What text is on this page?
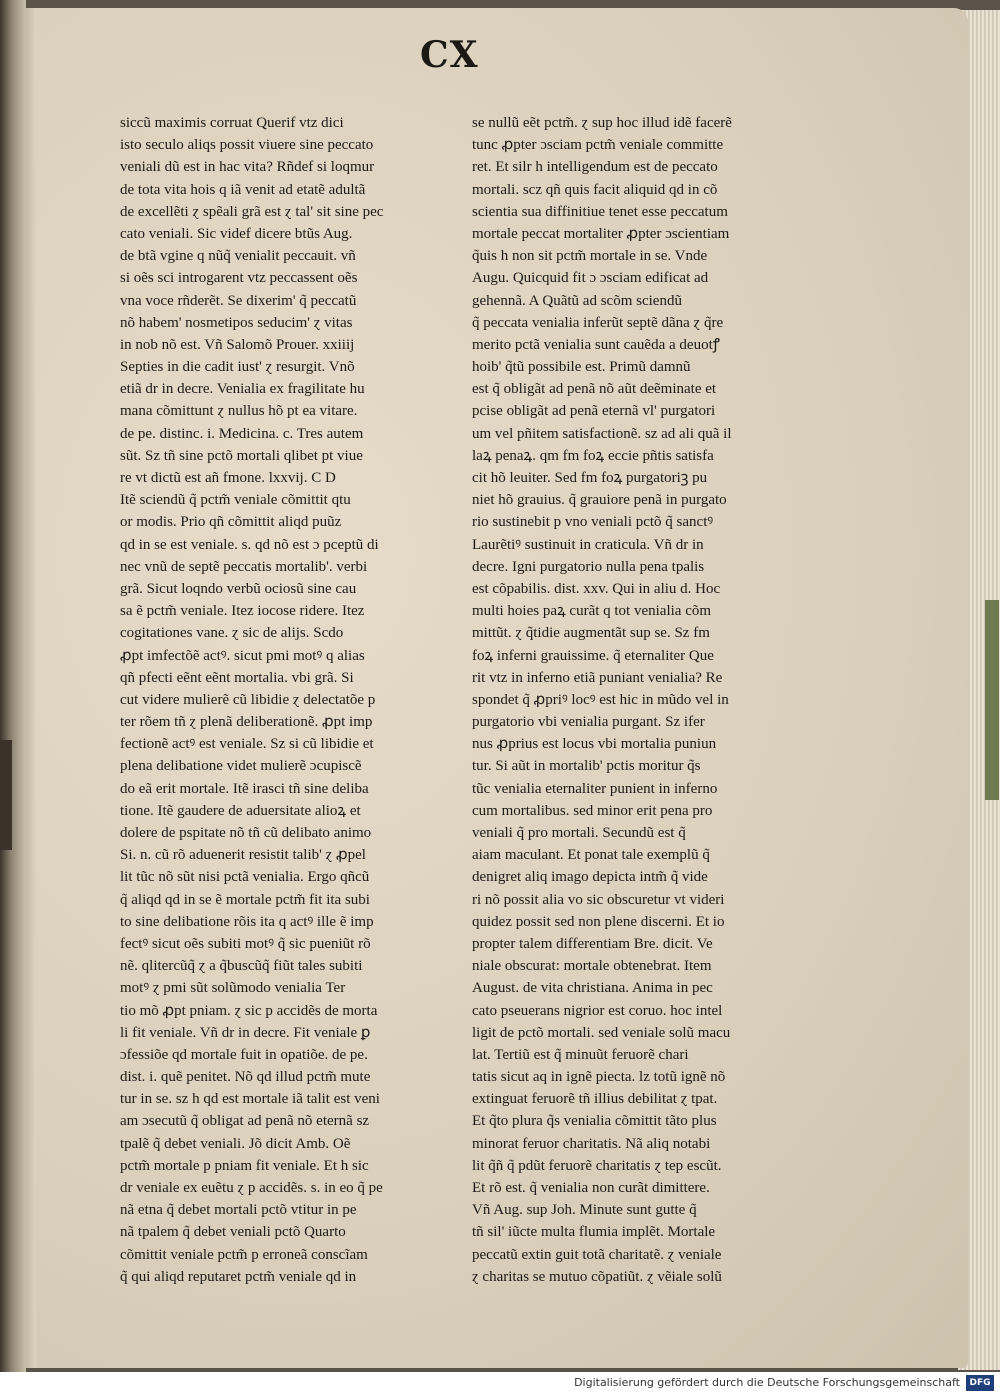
CX
siccũ maximis corruat Querif vtz dici
isto seculo aliqs possit viuere sine peccato
veniali dũ est in hac vita? Rñdef si loqmur
de tota vita hois q iã venit ad etatẽ adultã
de excellẽti ɀ spẽali grã est ɀ tal' sit sine pec
cato veniali. Sic videf dicere btũs Aug.
de btã vgine q nũq̃ venialit peccauit. vñ
si oẽs sci introgarent vtz peccassent oẽs
vna voce rñderẽt. Se dixerim' q̃ peccatũ
nõ habem' nosmetipos seducim' ɀ vitas
in nob nõ est. Vñ Salomõ Prouer. xxiiij
Septies in die cadit iust' ɀ resurgit. Vnõ
etiã dr in decre. Venialia ex fragilitate hu
mana cõmittunt ɀ nullus hõ pt ea vitare.
de pe. distinc. i. Medicina. c. Tres autem
sũt. Sz tñ sine pctõ mortali qlibet pt viue
re vt dictũ est añ fmone. lxxvij. C D
Itẽ sciendũ q̃ pctm̃ veniale cõmittit qtu
or modis. Prio qñ cõmittit aliqd puũz
qd in se est veniale. s. qd nõ est ɔ pceptũ di
nec vnũ de septẽ peccatis mortalib'. verbi
grã. Sicut loqndo verbũ ociosũ sine cau
sa ẽ pctm̃ veniale. Itez iocose ridere. Itez
cogitationes vane. ɀ sic de alijs. Scdo
ꝓpt imfectõẽ actꝰ. sicut pmi motꝰ q alias
qñ pfecti eẽnt eẽnt mortalia. vbi grã. Si
cut videre mulierẽ cũ libidie ɀ delectatõe p
ter rõem tñ ɀ plenã deliberationẽ. ꝓpt imp
fectionẽ actꝰ est veniale. Sz si cũ libidie et
plena delibatione videt mulierẽ ɔcupiscẽ
do eã erit mortale. Itẽ irasci tñ sine deliba
tione. Itẽ gaudere de aduersitate alioꝝ et
dolere de pspitate nõ tñ cũ delibato animo
Si. n. cũ rõ aduenerit resistit talib' ɀ ꝓpel
lit tũc nõ sũt nisi pctã venialia. Ergo qñcũ
q̃ aliqd qd in se ẽ mortale pctm̃ fit ita subi
to sine delibatione rõis ita q actꝰ ille ẽ imp
fectꝰ sicut oẽs subiti motꝰ q̃ sic pueniũt rõ
nẽ. qlitercũq̃ ɀ a q̃buscũq̃ fiũt tales subiti
motꝰ ɀ pmi sũt solũmodo venialia Ter
tio mõ ꝓpt pniam. ɀ sic p accidẽs de morta
li fit veniale. Vñ dr in decre. Fit veniale ꝑ
ɔfessiõe qd mortale fuit in opatiõe. de pe.
dist. i. quẽ penitet. Nõ qd illud pctm̃ mute
tur in se. sz h qd est mortale iã talit est veni
am ɔsecutũ q̃ obligat ad penã nõ eternã sz
tpalẽ q̃ debet veniali. Jõ dicit Amb. Oẽ
pctm̃ mortale p pniam fit veniale. Et h sic
dr veniale ex euẽtu ɀ p accidẽs. s. in eo q̃ pe
nã etna q̃ debet mortali pctõ vtitur in pe
nã tpalem q̃ debet veniali pctõ Quarto
cõmittit veniale pctm̃ p erroneã conscĩam
q̃ qui aliqd reputaret pctm̃ veniale qd in
se nullũ eẽt pctm̃. ɀ sup hoc illud idẽ facerẽ
tunc ꝓpter ɔsciam pctm̃ veniale committe
ret. Et silr h intelligendum est de peccato
mortali. scz qñ quis facit aliquid qd in cõ
scientia sua diffinitiue tenet esse peccatum
mortale peccat mortaliter ꝓpter ɔscientiam
q̃uis h non sit pctm̃ mortale in se. Vnde
Augu. Quicquid fit ɔ ɔsciam edificat ad
gehennã. A Quãtũ ad scõm sciendũ
q̃ peccata venialia inferũt septẽ dãna ɀ q̃re
merito pctã venialia sunt cauẽda a deuotꝭ
hoib' q̃tũ possibile est. Primũ damnũ
est q̃ obligãt ad penã nõ aũt deẽminate et
pcise obligãt ad penã eternã vl' purgatori
um vel pñitem satisfactionẽ. sz ad ali quã il
laꝝ penaꝝ. qm fm foꝝ eccie pñtis satisfa
cit hõ leuiter. Sed fm foꝝ purgatoriꝫ pu
niet hõ grauius. q̃ grauiore penã in purgato
rio sustinebit p vno veniali pctõ q̃ sanctꝰ
Laurẽtiꝰ sustinuit in craticula. Vñ dr in
decre. Igni purgatorio nulla pena tpalis
est cõpabilis. dist. xxv. Qui in aliu d. Hoc
multi hoies paꝝ curãt q tot venialia cõm
mittũt. ɀ q̃tidie augmentãt sup se. Sz fm
foꝝ inferni grauissime. q̃ eternaliter Que
rit vtz in inferno etiã puniant venialia? Re
spondet q̃ ꝓpriꝰ locꝰ est hic in mũdo vel in
purgatorio vbi venialia purgant. Sz ifer
nus ꝓprius est locus vbi mortalia puniun
tur. Si aũt in mortalib' pctis moritur q̃s
tũc venialia eternaliter punient in inferno
cum mortalibus. sed minor erit pena pro
veniali q̃ pro mortali. Secundũ est q̃
aiam maculant. Et ponat tale exemplũ q̃
denigret aliq imago depicta intm̃ q̃ vide
ri nõ possit alia vo sic obscuretur vt videri
quidez possit sed non plene discerni. Et io
propter talem differentiam Bre. dicit. Ve
niale obscurat: mortale obtenebrat. Item
August. de vita christiana. Anima in pec
cato pseuerans nigrior est coruo. hoc intel
ligit de pctõ mortali. sed veniale solũ macu
lat. Tertiũ est q̃ minuũt feruorẽ chari
tatis sicut aq in ignẽ piecta. lz totũ ignẽ nõ
extinguat feruorẽ tñ illius debilitat ɀ tpat.
Et q̃to plura q̃s venialia cõmittit tãto plus
minorat feruor charitatis. Nã aliq notabi
lit q̃ñ q̃ pdũt feruorẽ charitatis ɀ tep escũt.
Et rõ est. q̃ venialia non curãt dimittere.
Vñ Aug. sup Joh. Minute sunt gutte q̃
tñ sil' iũcte multa flumia implẽt. Mortale
peccatũ extin guit totã charitatẽ. ɀ veniale
ɀ charitas se mutuo cõpatiũt. ɀ vẽiale solũ
Digitalisierung gefördert durch die Deutsche Forschungsgemeinschaft	DFG
